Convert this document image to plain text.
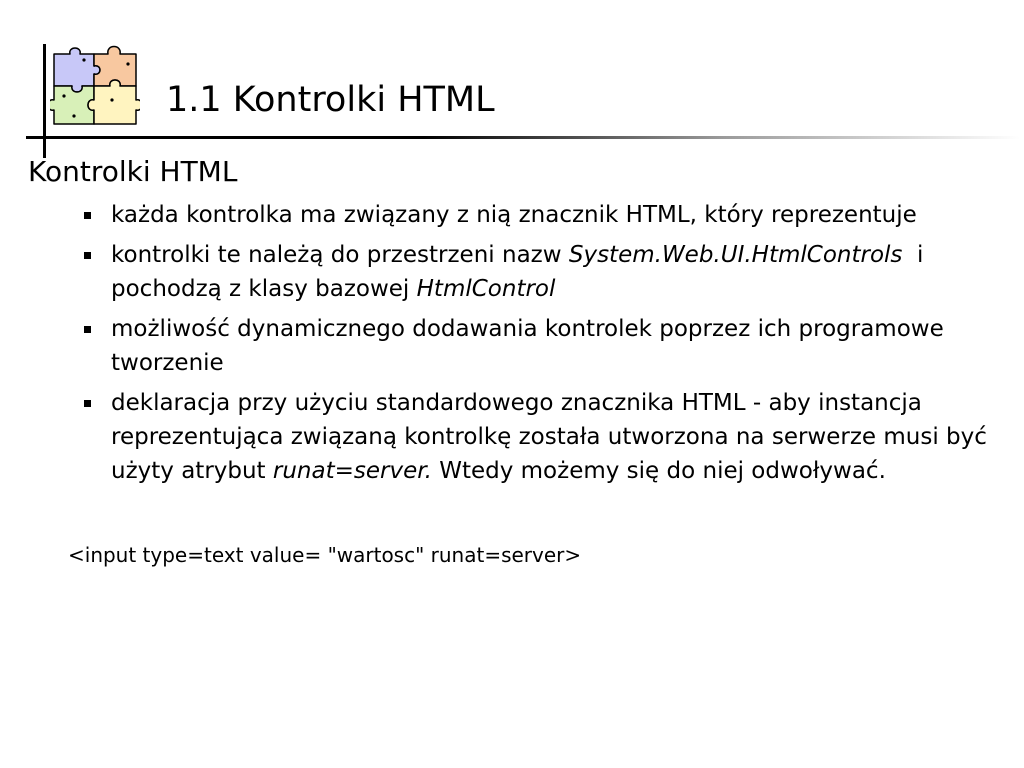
1.1 Kontrolki HTML
Kontrolki HTML
każda kontrolka ma związany z nią znacznik HTML, który reprezentuje
kontrolki te należą do przestrzeni nazw System.Web.UI.HtmlControls  i pochodzą z klasy bazowej HtmlControl
możliwość dynamicznego dodawania kontrolek poprzez ich programowe tworzenie
deklaracja przy użyciu standardowego znacznika HTML - aby instancja reprezentująca związaną kontrolkę została utworzona na serwerze musi być użyty atrybut runat=server. Wtedy możemy się do niej odwoływać.
<input type=text value= "wartosc" runat=server>
